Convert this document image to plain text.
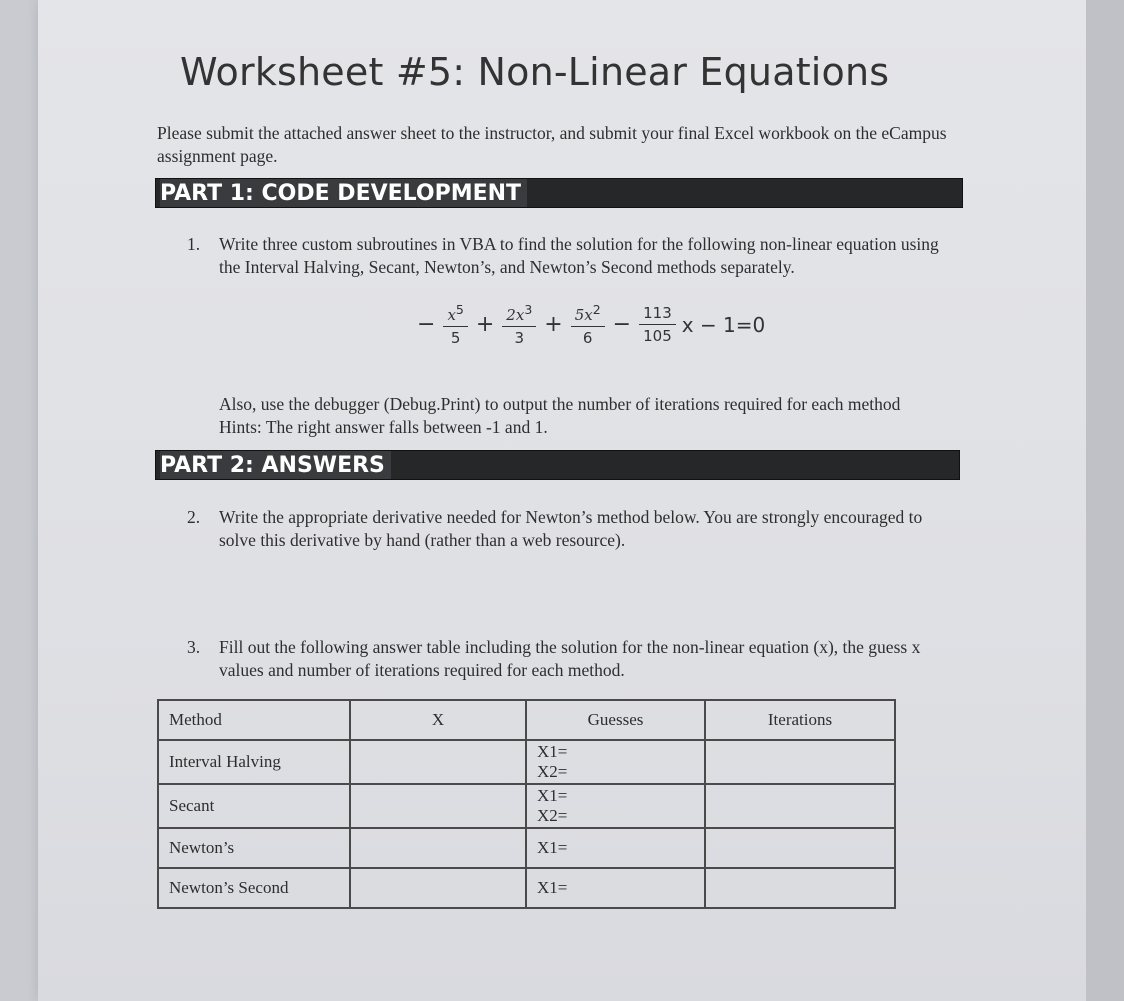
Worksheet #5: Non-Linear Equations
Please submit the attached answer sheet to the instructor, and submit your final Excel workbook on the eCampus assignment page.
PART 1: CODE DEVELOPMENT
1. Write three custom subroutines in VBA to find the solution for the following non-linear equation using the Interval Halving, Secant, Newton’s, and Newton’s Second methods separately.
− $\frac{x^5}{5} + \frac{2x^3}{3} + \frac{5x^2}{6} - \frac{113}{105}$ x − 1=0
Also, use the debugger (Debug.Print) to output the number of iterations required for each method
Hints: The right answer falls between -1 and 1.
PART 2: ANSWERS
2. Write the appropriate derivative needed for Newton’s method below. You are strongly encouraged to solve this derivative by hand (rather than a web resource).
3. Fill out the following answer table including the solution for the non-linear equation (x), the guess x values and number of iterations required for each method.
Method	X	Guesses	Iterations
Interval Halving		X1=
X2=	

Secant		X1=
X2=	

Newton’s		X1=	

Newton’s Second		X1=	
